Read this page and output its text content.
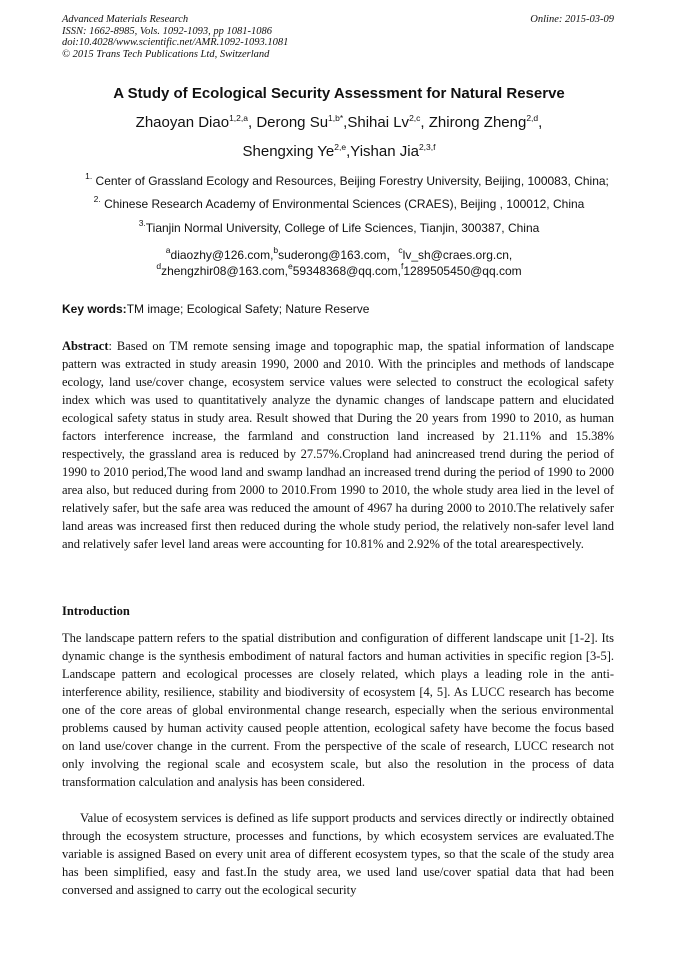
Advanced Materials Research
ISSN: 1662-8985, Vols. 1092-1093, pp 1081-1086
doi:10.4028/www.scientific.net/AMR.1092-1093.1081
© 2015 Trans Tech Publications Ltd, Switzerland
Online: 2015-03-09
A Study of Ecological Security Assessment for Natural Reserve
Zhaoyan Diao$^{1,2,a}$, Derong $Su^{1,b*},Shihai$ Lv$^{2,c}$, Zhirong Zheng$^{2,d}$,
Shengxing Ye$^{2,e}$,Yishan Jia$^{2,3,f}$
$^{1.}$ Center of Grassland Ecology and Resources, Beijing Forestry University, Beijing, 100083, China;
$^{2.}$ Chinese Research Academy of Environmental Sciences (CRAES), Beijing , 100012, China
$^{3.}$Tianjin Normal University, College of Life Sciences, Tianjin, 300387, China
$^a$diaozhy@126.com,$^b$suderong@163.com，$^c$lv_sh@craes.org.cn,
$^d$zhengzhir08@163.com,$^e$59348368@qq.com,$^f$1289505450@qq.com
Key words:TM image; Ecological Safety; Nature Reserve
Abstract: Based on TM remote sensing image and topographic map, the spatial information of landscape pattern was extracted in study areasin 1990, 2000 and 2010. With the principles and methods of landscape ecology, land use/cover change, ecosystem service values were selected to construct the ecological safety index which was used to quantitatively analyze the dynamic changes of landscape pattern and elucidated ecological safety status in study area. Result showed that During the 20 years from 1990 to 2010, as human factors interference increase, the farmland and construction land increased by 21.11% and 15.38% respectively, the grassland area is reduced by 27.57%.Cropland had anincreased trend during the period of 1990 to 2010 period,The wood land and swamp landhad an increased trend during the period of 1990 to 2000 area also, but reduced during from 2000 to 2010.From 1990 to 2010, the whole study area lied in the level of relatively safer, but the safe area was reduced the amount of 4967 ha during 2000 to 2010.The relatively safer land areas was increased first then reduced during the whole study period, the relatively non-safer level land and relatively safer level land areas were accounting for 10.81% and 2.92% of the total arearespectively.
Introduction
The landscape pattern refers to the spatial distribution and configuration of different landscape unit [1-2]. Its dynamic change is the synthesis embodiment of natural factors and human activities in specific region [3-5]. Landscape pattern and ecological processes are closely related, which plays a leading role in the anti-interference ability, resilience, stability and biodiversity of ecosystem [4, 5]. As LUCC research has become one of the core areas of global environmental change research, especially when the serious environmental problems caused by human activity caused people attention, ecological safety have become the focus based on land use/cover change in the current. From the perspective of the scale of research, LUCC research not only involving the regional scale and ecosystem scale, but also the resolution in the process of data transformation calculation and analysis has been considered.
Value of ecosystem services is defined as life support products and services directly or indirectly obtained through the ecosystem structure, processes and functions, by which ecosystem services are evaluated.The variable is assigned Based on every unit area of different ecosystem types, so that the scale of the study area has been simplified, easy and fast.In the study area, we used land use/cover spatial data that had been conversed and assigned to carry out the ecological security
